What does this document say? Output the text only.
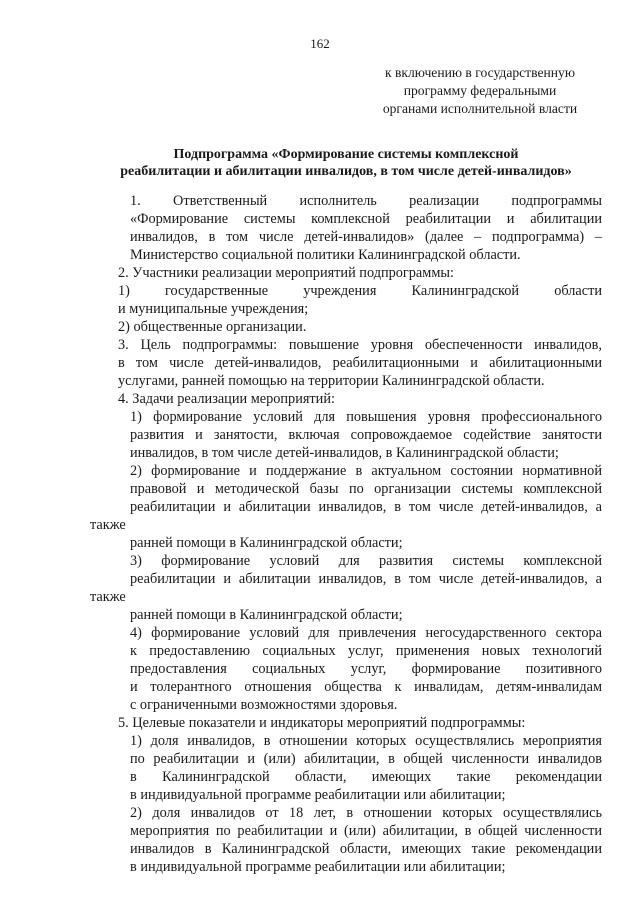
162
к включению в государственную
программу федеральными
органами исполнительной власти
Подпрограмма «Формирование системы комплексной
реабилитации и абилитации инвалидов, в том числе детей-инвалидов»
1. Ответственный исполнитель реализации подпрограммы
«Формирование системы комплексной реабилитации и абилитации
инвалидов, в том числе детей-инвалидов» (далее – подпрограмма) –
Министерство социальной политики Калининградской области.
2. Участники реализации мероприятий подпрограммы:
1) государственные учреждения Калининградской области
и муниципальные учреждения;
2) общественные организации.
3. Цель подпрограммы: повышение уровня обеспеченности инвалидов,
в том числе детей-инвалидов, реабилитационными и абилитационными
услугами, ранней помощью на территории Калининградской области.
4. Задачи реализации мероприятий:
1) формирование условий для повышения уровня профессионального
развития и занятости, включая сопровождаемое содействие занятости
инвалидов, в том числе детей-инвалидов, в Калининградской области;
2) формирование и поддержание в актуальном состоянии нормативной
правовой и методической базы по организации системы комплексной
реабилитации и абилитации инвалидов, в том числе детей-инвалидов, а также
ранней помощи в Калининградской области;
3) формирование условий для развития системы комплексной
реабилитации и абилитации инвалидов, в том числе детей-инвалидов, а также
ранней помощи в Калининградской области;
4) формирование условий для привлечения негосударственного сектора
к предоставлению социальных услуг, применения новых технологий
предоставления социальных услуг, формирование позитивного
и толерантного отношения общества к инвалидам, детям-инвалидам
с ограниченными возможностями здоровья.
5. Целевые показатели и индикаторы мероприятий подпрограммы:
1) доля инвалидов, в отношении которых осуществлялись мероприятия
по реабилитации и (или) абилитации, в общей численности инвалидов
в Калининградской области, имеющих такие рекомендации
в индивидуальной программе реабилитации или абилитации;
2) доля инвалидов от 18 лет, в отношении которых осуществлялись
мероприятия по реабилитации и (или) абилитации, в общей численности
инвалидов в Калининградской области, имеющих такие рекомендации
в индивидуальной программе реабилитации или абилитации;
